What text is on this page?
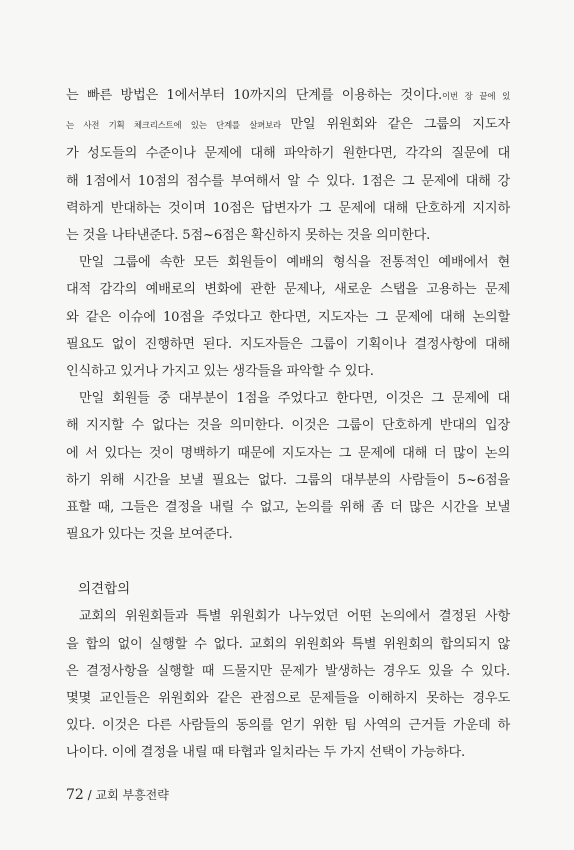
는 빠른 방법은 1에서부터 10까지의 단계를 이용하는 것이다.이번 장 끝에 있

는 사전 기획 체크리스트에 있는 단계를 살펴보라 만일 위원회와 같은 그룹의 지도자

가 성도들의 수준이나 문제에 대해 파악하기 원한다면, 각각의 질문에 대

해 1점에서 10점의 점수를 부여해서 알 수 있다. 1점은 그 문제에 대해 강

력하게 반대하는 것이며 10점은 답변자가 그 문제에 대해 단호하게 지지하

는 것을 나타낸준다. 5점~6점은 확신하지 못하는 것을 의미한다.

만일 그룹에 속한 모든 회원들이 예배의 형식을 전통적인 예배에서 현

대적 감각의 예배로의 변화에 관한 문제나, 새로운 스탭을 고용하는 문제

와 같은 이슈에 10점을 주었다고 한다면, 지도자는 그 문제에 대해 논의할

필요도 없이 진행하면 된다. 지도자들은 그룹이 기획이나 결정사항에 대해

인식하고 있거나 가지고 있는 생각들을 파악할 수 있다.

만일 회원들 중 대부분이 1점을 주었다고 한다면, 이것은 그 문제에 대

해 지지할 수 없다는 것을 의미한다. 이것은 그룹이 단호하게 반대의 입장

에 서 있다는 것이 명백하기 때문에 지도자는 그 문제에 대해 더 많이 논의

하기 위해 시간을 보낼 필요는 없다. 그룹의 대부분의 사람들이 5~6점을

표할 때, 그들은 결정을 내릴 수 없고, 논의를 위해 좀 더 많은 시간을 보낼

필요가 있다는 것을 보여준다.

의견합의

교회의 위원회들과 특별 위원회가 나누었던 어떤 논의에서 결정된 사항

을 합의 없이 실행할 수 없다. 교회의 위원회와 특별 위원회의 합의되지 않

은 결정사항을 실행할 때 드물지만 문제가 발생하는 경우도 있을 수 있다.

몇몇 교인들은 위원회와 같은 관점으로 문제들을 이해하지 못하는 경우도

있다. 이것은 다른 사람들의 동의를 얻기 위한 팀 사역의 근거들 가운데 하

나이다. 이에 결정을 내릴 때 타협과 일치라는 두 가지 선택이 가능하다.

72 / 교회 부흥전략
